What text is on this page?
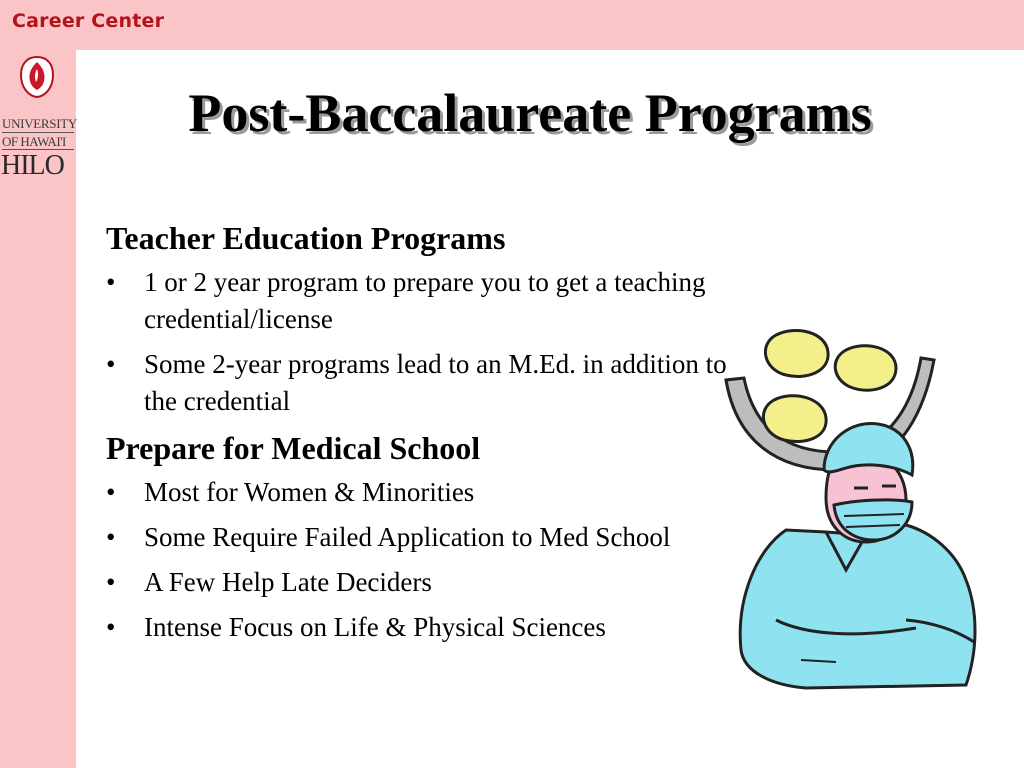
Career Center
UNIVERSITY
OF HAWAI'I
HILO
Post-Baccalaureate Programs
Teacher Education Programs
• 1 or 2 year program to prepare you to get a teaching credential/license
• Some 2-year programs lead to an M.Ed. in addition to the credential
Prepare for Medical School
• Most for Women & Minorities
• Some Require Failed Application to Med School
• A Few Help Late Deciders
• Intense Focus on Life & Physical Sciences
